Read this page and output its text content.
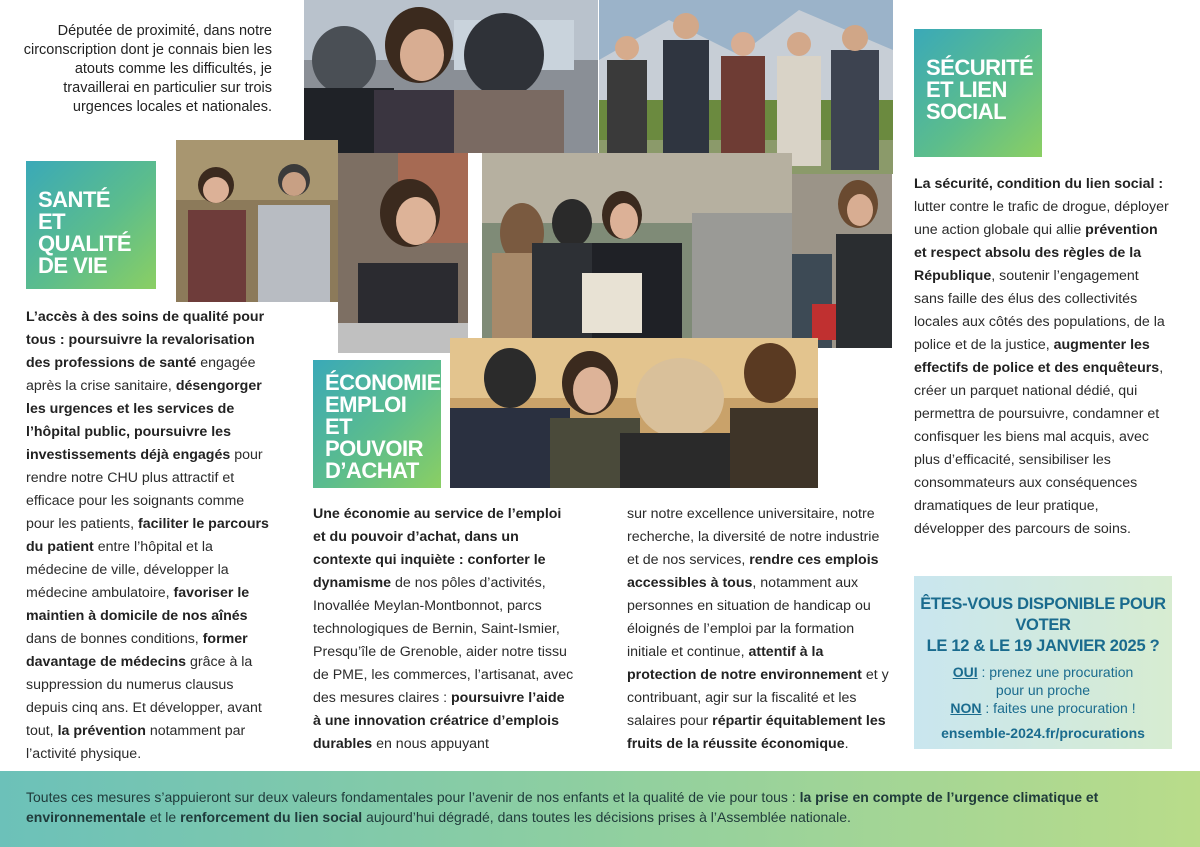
Députée de proximité, dans notre circonscription dont je connais bien les atouts comme les difficultés, je travaillerai en particulier sur trois urgences locales et nationales.
SANTÉ
ET QUALITÉ
DE VIE
ÉCONOMIE,
EMPLOI ET
POUVOIR
D’ACHAT
SÉCURITÉ
ET LIEN
SOCIAL
L’accès à des soins de qualité pour tous : poursuivre la revalorisation des professions de santé engagée après la crise sanitaire, désengorger les urgences et les services de l’hôpital public, poursuivre les investissements déjà engagés pour rendre notre CHU plus attractif et efficace pour les soignants comme pour les patients, faciliter le parcours du patient entre l’hôpital et la médecine de ville, développer la médecine ambulatoire, favoriser le maintien à domicile de nos aînés dans de bonnes conditions, former davantage de médecins grâce à la suppression du numerus clausus depuis cinq ans. Et développer, avant tout, la prévention notamment par l’activité physique.
Une économie au service de l’emploi et du pouvoir d’achat, dans un contexte qui inquiète : conforter le dynamisme de nos pôles d’activités, Inovallée Meylan-Montbonnot, parcs technologiques de Bernin, Saint-Ismier, Presqu’île de Grenoble, aider notre tissu de PME, les commerces, l’artisanat, avec des mesures claires : poursuivre l’aide à une innovation créatrice d’emplois durables en nous appuyant
sur notre excellence universitaire, notre recherche, la diversité de notre industrie et de nos services, rendre ces emplois accessibles à tous, notamment aux personnes en situation de handicap ou éloignés de l’emploi par la formation initiale et continue, attentif à la protection de notre environnement et y contribuant, agir sur la fiscalité et les salaires pour répartir équitablement les fruits de la réussite économique.
La sécurité, condition du lien social : lutter contre le trafic de drogue, déployer une action globale qui allie prévention et respect absolu des règles de la République, soutenir l’engagement sans faille des élus des collectivités locales aux côtés des populations, de la police et de la justice, augmenter les effectifs de police et des enquêteurs, créer un parquet national dédié, qui permettra de poursuivre, condamner et confisquer les biens mal acquis, avec plus d’efficacité, sensibiliser les consommateurs aux conséquences dramatiques de leur pratique, développer des parcours de soins.
ÊTES-VOUS DISPONIBLE POUR VOTER
LE 12 & LE 19 JANVIER 2025 ?
OUI : prenez une procuration
pour un proche
NON : faites une procuration !
ensemble-2024.fr/procurations
Toutes ces mesures s’appuieront sur deux valeurs fondamentales pour l’avenir de nos enfants et la qualité de vie pour tous : la prise en compte de l’urgence climatique et environnementale et le renforcement du lien social aujourd’hui dégradé, dans toutes les décisions prises à l’Assemblée nationale.
